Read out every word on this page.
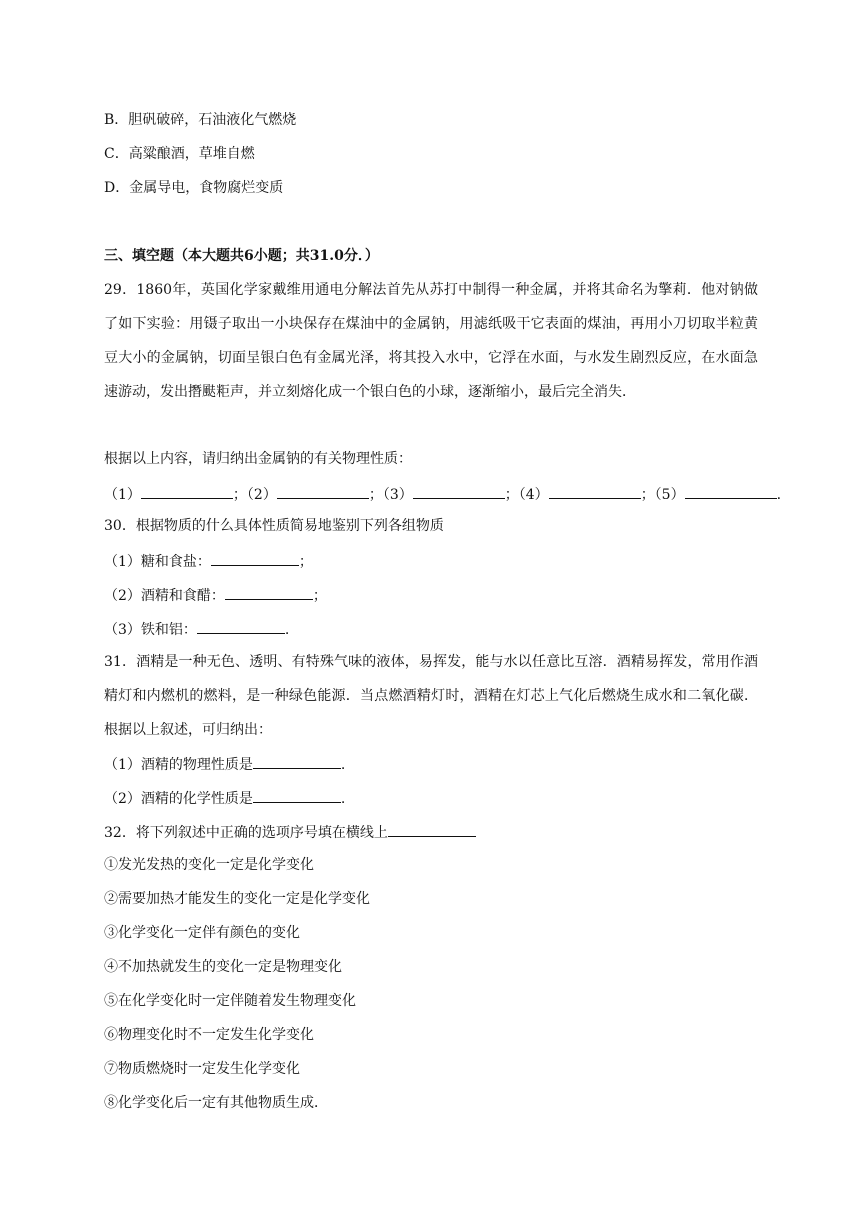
B．胆矾破碎，石油液化气燃烧
C．高粱酿酒，草堆自燃
D．金属导电，食物腐烂变质
三、填空题（本大题共6小题；共31.0分．）
29．1860年，英国化学家戴维用通电分解法首先从苏打中制得一种金属，并将其命名为擎莉．他对钠做了如下实验：用镊子取出一小块保存在煤油中的金属钠，用滤纸吸干它表面的煤油，再用小刀切取半粒黄豆大小的金属钠，切面呈银白色有金属光泽，将其投入水中，它浮在水面，与水发生剧烈反应，在水面急速游动，发出撍颫粔声，并立刻熔化成一个银白色的小球，逐渐缩小，最后完全消失．
根据以上内容，请归纳出金属钠的有关物理性质：
（1）	；（2）	；（3）	；（4）	；（5）	.
30．根据物质的什么具体性质简易地鉴别下列各组物质
（1）糖和食盐：	；
（2）酒精和食醋：	；
（3）铁和铝：	.
31．酒精是一种无色、透明、有特殊气味的液体，易挥发，能与水以任意比互溶．酒精易挥发，常用作酒精灯和内燃机的燃料，是一种绿色能源．当点燃酒精灯时，酒精在灯芯上气化后燃烧生成水和二氧化碳．根据以上叙述，可归纳出：
（1）酒精的物理性质是	.
（2）酒精的化学性质是	.
32．将下列叙述中正确的选项序号填在横线上
①发光发热的变化一定是化学变化
②需要加热才能发生的变化一定是化学变化
③化学变化一定伴有颜色的变化
④不加热就发生的变化一定是物理变化
⑤在化学变化时一定伴随着发生物理变化
⑥物理变化时不一定发生化学变化
⑦物质燃烧时一定发生化学变化
⑧化学变化后一定有其他物质生成．
